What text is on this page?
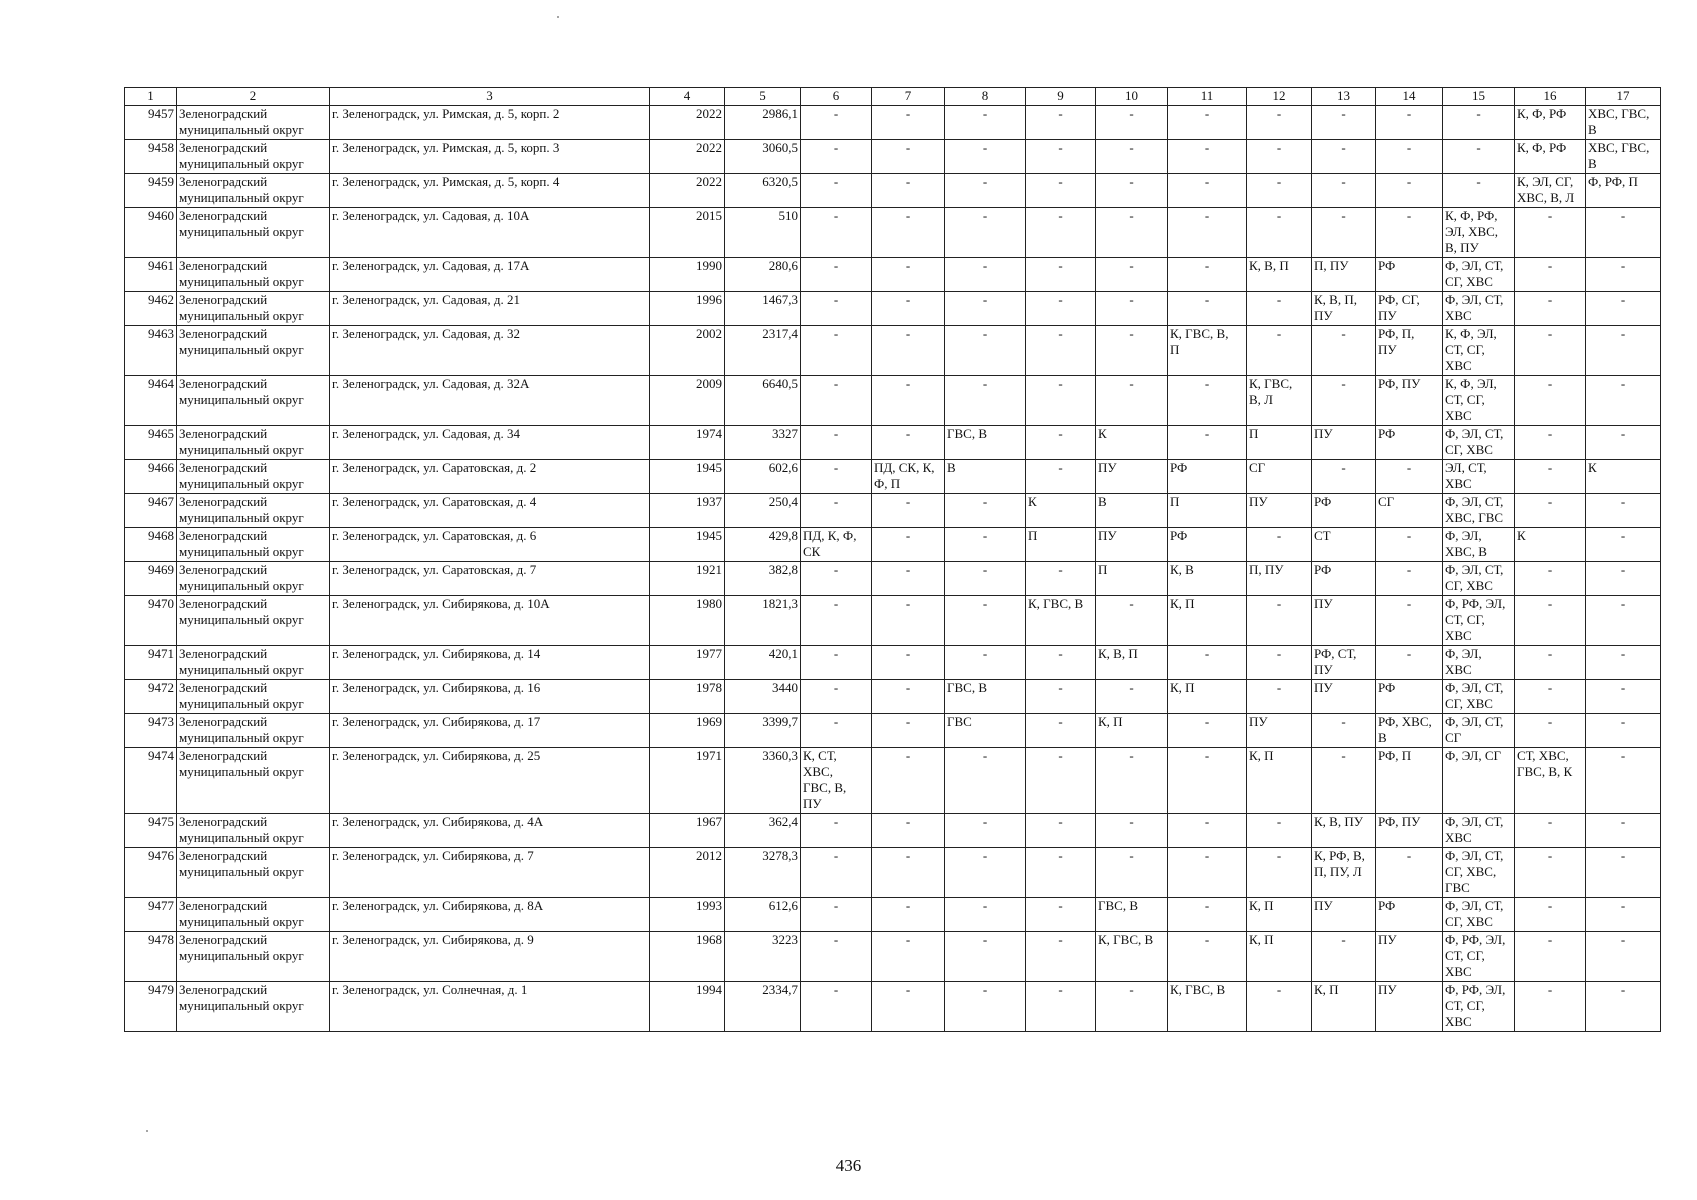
1	2	3	4	5	6	7	8	9	10	11	12	13	14	15	16	17
9457	Зеленоградский
муниципальный округ	г. Зеленоградск, ул. Римская, д. 5, корп. 2	2022	2986,1	-	-	-	-	-	-	-	-	-	-	К, Ф, РФ	ХВС, ГВС,
В
9458	Зеленоградский
муниципальный округ	г. Зеленоградск, ул. Римская, д. 5, корп. 3	2022	3060,5	-	-	-	-	-	-	-	-	-	-	К, Ф, РФ	ХВС, ГВС,
В
9459	Зеленоградский
муниципальный округ	г. Зеленоградск, ул. Римская, д. 5, корп. 4	2022	6320,5	-	-	-	-	-	-	-	-	-	-	К, ЭЛ, СГ,
ХВС, В, Л	Ф, РФ, П
9460	Зеленоградский
муниципальный округ	г. Зеленоградск, ул. Садовая, д. 10А	2015	510	-	-	-	-	-	-	-	-	-	К, Ф, РФ,
ЭЛ, ХВС,
В, ПУ	-	-
9461	Зеленоградский
муниципальный округ	г. Зеленоградск, ул. Садовая, д. 17А	1990	280,6	-	-	-	-	-	-	К, В, П	П, ПУ	РФ	Ф, ЭЛ, СТ,
СГ, ХВС	-	-
9462	Зеленоградский
муниципальный округ	г. Зеленоградск, ул. Садовая, д. 21	1996	1467,3	-	-	-	-	-	-	-	К, В, П,
ПУ	РФ, СГ,
ПУ	Ф, ЭЛ, СТ,
ХВС	-	-
9463	Зеленоградский
муниципальный округ	г. Зеленоградск, ул. Садовая, д. 32	2002	2317,4	-	-	-	-	-	К, ГВС, В,
П	-	-	РФ, П,
ПУ	К, Ф, ЭЛ,
СТ, СГ,
ХВС	-	-
9464	Зеленоградский
муниципальный округ	г. Зеленоградск, ул. Садовая, д. 32А	2009	6640,5	-	-	-	-	-	-	К, ГВС,
В, Л	-	РФ, ПУ	К, Ф, ЭЛ,
СТ, СГ,
ХВС	-	-
9465	Зеленоградский
муниципальный округ	г. Зеленоградск, ул. Садовая, д. 34	1974	3327	-	-	ГВС, В	-	К	-	П	ПУ	РФ	Ф, ЭЛ, СТ,
СГ, ХВС	-	-
9466	Зеленоградский
муниципальный округ	г. Зеленоградск, ул. Саратовская, д. 2	1945	602,6	-	ПД, СК, К,
Ф, П	В	-	ПУ	РФ	СГ	-	-	ЭЛ, СТ,
ХВС	-	К
9467	Зеленоградский
муниципальный округ	г. Зеленоградск, ул. Саратовская, д. 4	1937	250,4	-	-	-	К	В	П	ПУ	РФ	СГ	Ф, ЭЛ, СТ,
ХВС, ГВС	-	-
9468	Зеленоградский
муниципальный округ	г. Зеленоградск, ул. Саратовская, д. 6	1945	429,8	ПД, К, Ф,
СК	-	-	П	ПУ	РФ	-	СТ	-	Ф, ЭЛ,
ХВС, В	К	-
9469	Зеленоградский
муниципальный округ	г. Зеленоградск, ул. Саратовская, д. 7	1921	382,8	-	-	-	-	П	К, В	П, ПУ	РФ	-	Ф, ЭЛ, СТ,
СГ, ХВС	-	-
9470	Зеленоградский
муниципальный округ	г. Зеленоградск, ул. Сибирякова, д. 10А	1980	1821,3	-	-	-	К, ГВС, В	-	К, П	-	ПУ	-	Ф, РФ, ЭЛ,
СТ, СГ,
ХВС	-	-
9471	Зеленоградский
муниципальный округ	г. Зеленоградск, ул. Сибирякова, д. 14	1977	420,1	-	-	-	-	К, В, П	-	-	РФ, СТ,
ПУ	-	Ф, ЭЛ,
ХВС	-	-
9472	Зеленоградский
муниципальный округ	г. Зеленоградск, ул. Сибирякова, д. 16	1978	3440	-	-	ГВС, В	-	-	К, П	-	ПУ	РФ	Ф, ЭЛ, СТ,
СГ, ХВС	-	-
9473	Зеленоградский
муниципальный округ	г. Зеленоградск, ул. Сибирякова, д. 17	1969	3399,7	-	-	ГВС	-	К, П	-	ПУ	-	РФ, ХВС,
В	Ф, ЭЛ, СТ,
СГ	-	-
9474	Зеленоградский
муниципальный округ	г. Зеленоградск, ул. Сибирякова, д. 25	1971	3360,3	К, СТ,
ХВС,
ГВС, В,
ПУ	-	-	-	-	-	К, П	-	РФ, П	Ф, ЭЛ, СГ	СТ, ХВС,
ГВС, В, К	-
9475	Зеленоградский
муниципальный округ	г. Зеленоградск, ул. Сибирякова, д. 4А	1967	362,4	-	-	-	-	-	-	-	К, В, ПУ	РФ, ПУ	Ф, ЭЛ, СТ,
ХВС	-	-
9476	Зеленоградский
муниципальный округ	г. Зеленоградск, ул. Сибирякова, д. 7	2012	3278,3	-	-	-	-	-	-	-	К, РФ, В,
П, ПУ, Л	-	Ф, ЭЛ, СТ,
СГ, ХВС,
ГВС	-	-
9477	Зеленоградский
муниципальный округ	г. Зеленоградск, ул. Сибирякова, д. 8А	1993	612,6	-	-	-	-	ГВС, В	-	К, П	ПУ	РФ	Ф, ЭЛ, СТ,
СГ, ХВС	-	-
9478	Зеленоградский
муниципальный округ	г. Зеленоградск, ул. Сибирякова, д. 9	1968	3223	-	-	-	-	К, ГВС, В	-	К, П	-	ПУ	Ф, РФ, ЭЛ,
СТ, СГ,
ХВС	-	-
9479	Зеленоградский
муниципальный округ	г. Зеленоградск, ул. Солнечная, д. 1	1994	2334,7	-	-	-	-	-	К, ГВС, В	-	К, П	ПУ	Ф, РФ, ЭЛ,
СТ, СГ,
ХВС	-	-
436
